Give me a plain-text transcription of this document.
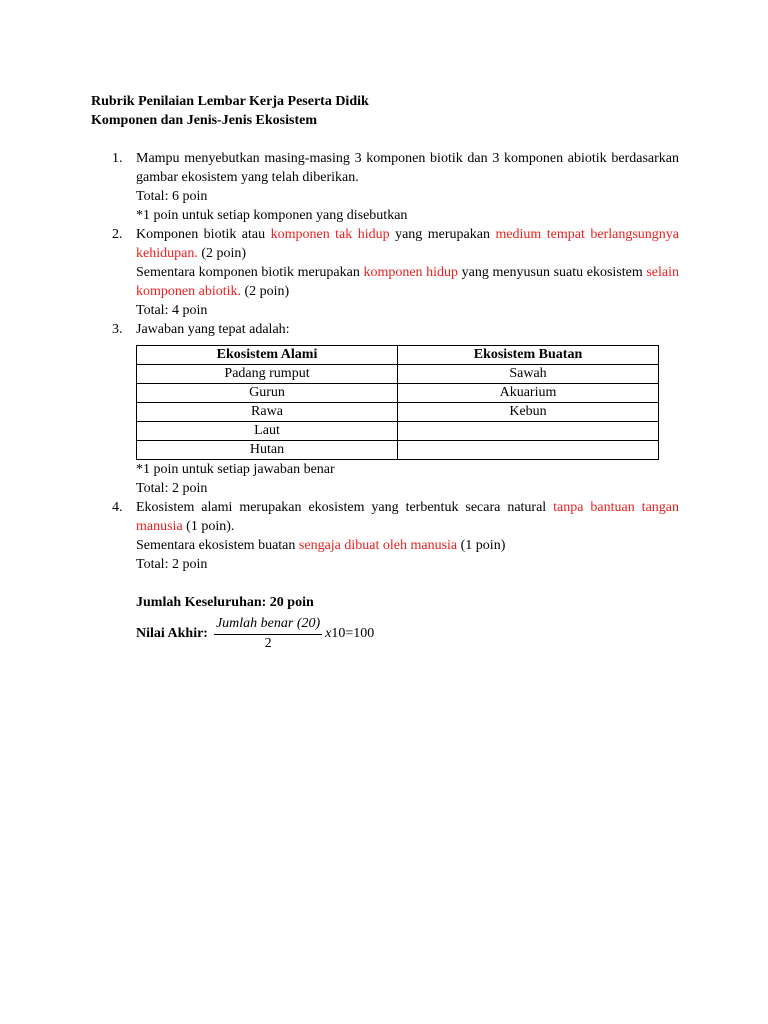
Rubrik Penilaian Lembar Kerja Peserta Didik
Komponen dan Jenis-Jenis Ekosistem
1. Mampu menyebutkan masing-masing 3 komponen biotik dan 3 komponen abiotik berdasarkan gambar ekosistem yang telah diberikan.
Total: 6 poin
*1 poin untuk setiap komponen yang disebutkan
2. Komponen biotik atau komponen tak hidup yang merupakan medium tempat berlangsungnya kehidupan. (2 poin)
Sementara komponen biotik merupakan komponen hidup yang menyusun suatu ekosistem selain komponen abiotik. (2 poin)
Total: 4 poin
3. Jawaban yang tepat adalah:
Ekosistem Alami	Ekosistem Buatan
Padang rumput	Sawah
Gurun	Akuarium
Rawa	Kebun
Laut	
Hutan	
*1 poin untuk setiap jawaban benar
Total: 2 poin
4. Ekosistem alami merupakan ekosistem yang terbentuk secara natural tanpa bantuan tangan manusia (1 poin).
Sementara ekosistem buatan sengaja dibuat oleh manusia (1 poin)
Total: 2 poin
Jumlah Keseluruhan: 20 poin
Nilai Akhir: $\frac{\text{Jumlah benar (20)}}{2} x10=100$
